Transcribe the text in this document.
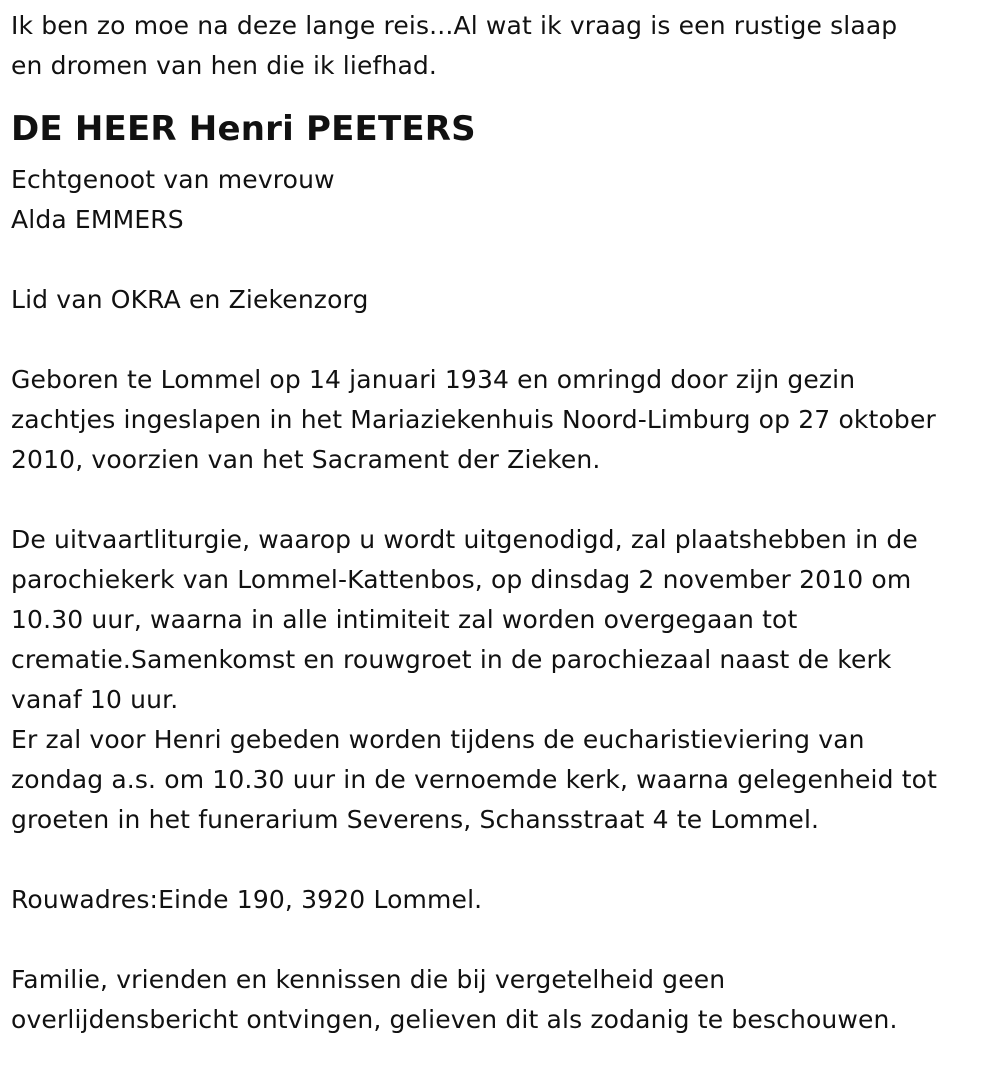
Ik ben zo moe na deze lange reis...Al wat ik vraag is een rustige slaap
en dromen van hen die ik liefhad.
DE HEER Henri PEETERS
Echtgenoot van mevrouw
Alda EMMERS
Lid van OKRA en Ziekenzorg
Geboren te Lommel op 14 januari 1934 en omringd door zijn gezin
zachtjes ingeslapen in het Mariaziekenhuis Noord-Limburg op 27 oktober
2010, voorzien van het Sacrament der Zieken.
De uitvaartliturgie, waarop u wordt uitgenodigd, zal plaatshebben in de
parochiekerk van Lommel-Kattenbos, op dinsdag 2 november 2010 om
10.30 uur, waarna in alle intimiteit zal worden overgegaan tot
crematie.Samenkomst en rouwgroet in de parochiezaal naast de kerk
vanaf 10 uur.
Er zal voor Henri gebeden worden tijdens de eucharistieviering van
zondag a.s. om 10.30 uur in de vernoemde kerk, waarna gelegenheid tot
groeten in het funerarium Severens, Schansstraat 4 te Lommel.
Rouwadres:Einde 190, 3920 Lommel.
Familie, vrienden en kennissen die bij vergetelheid geen
overlijdensbericht ontvingen, gelieven dit als zodanig te beschouwen.
